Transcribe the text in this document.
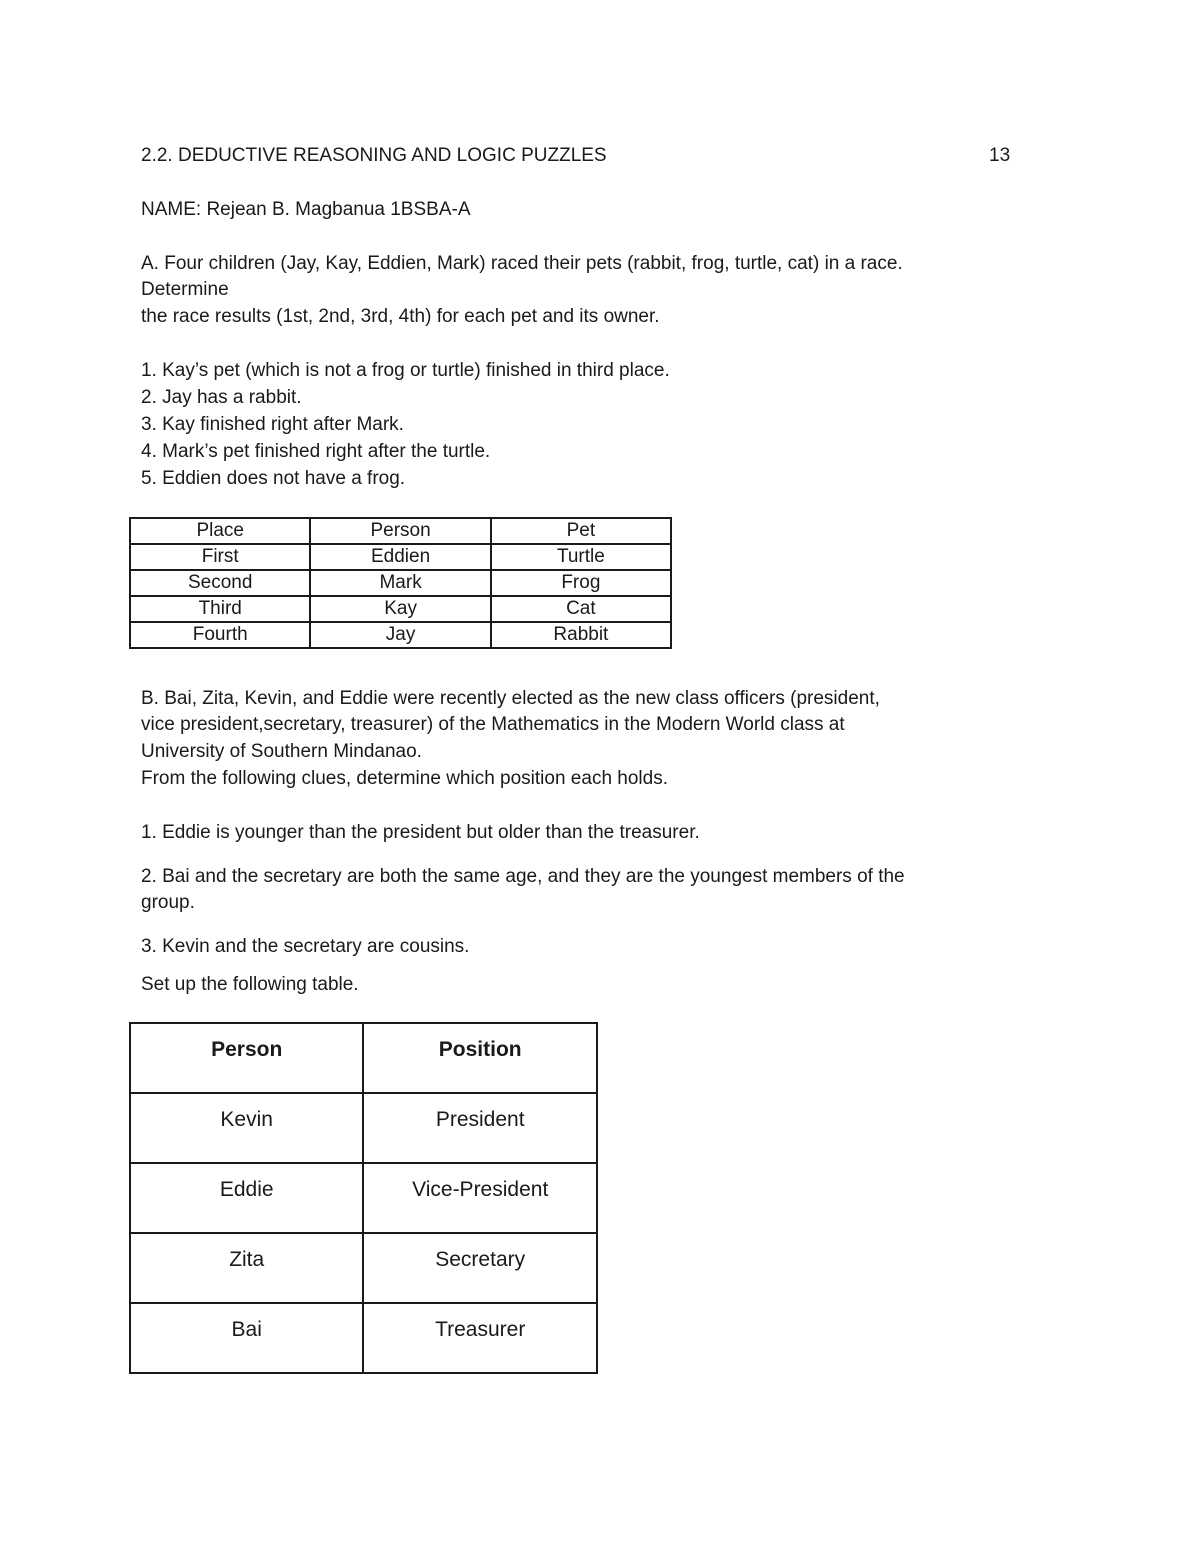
2.2. DEDUCTIVE REASONING AND LOGIC PUZZLES	13
NAME: Rejean B. Magbanua 1BSBA-A
A. Four children (Jay, Kay, Eddien, Mark) raced their pets (rabbit, frog, turtle, cat) in a race.
Determine
the race results (1st, 2nd, 3rd, 4th) for each pet and its owner.
1. Kay’s pet (which is not a frog or turtle) finished in third place.
2. Jay has a rabbit.
3. Kay finished right after Mark.
4. Mark’s pet finished right after the turtle.
5. Eddien does not have a frog.
Place	Person	Pet
First	Eddien	Turtle
Second	Mark	Frog
Third	Kay	Cat
Fourth	Jay	Rabbit
B. Bai, Zita, Kevin, and Eddie were recently elected as the new class officers (president,
vice president,secretary, treasurer) of the Mathematics in the Modern World class at
University of Southern Mindanao.
From the following clues, determine which position each holds.
1. Eddie is younger than the president but older than the treasurer.
2. Bai and the secretary are both the same age, and they are the youngest members of the
group.
3. Kevin and the secretary are cousins.
Set up the following table.
Person	Position

Kevin	President

Eddie	Vice-President

Zita	Secretary

Bai	Treasurer
